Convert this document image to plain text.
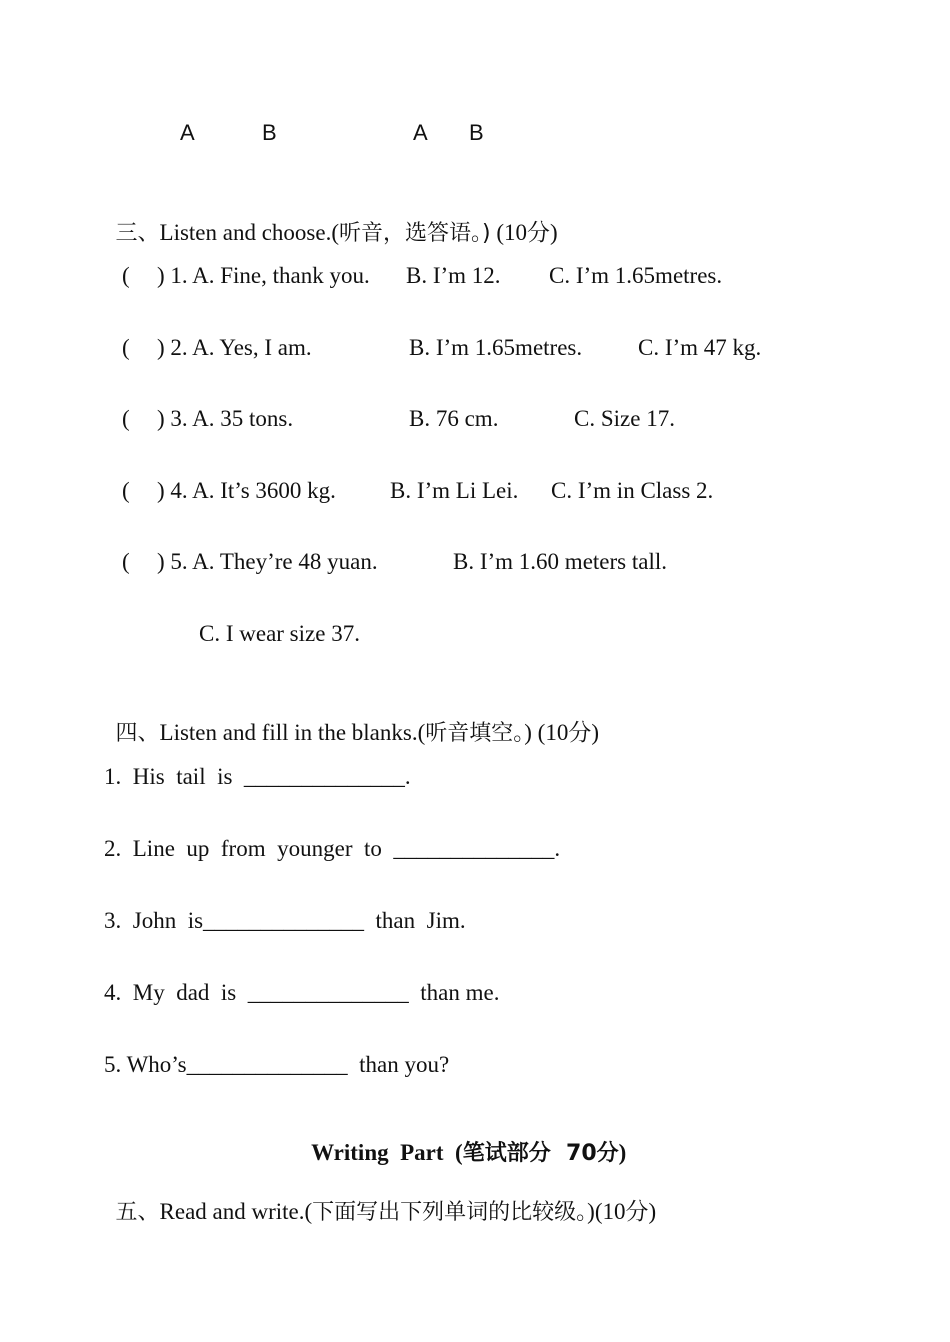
A	B	A B

三、Listen and choose.(听音，选答语。) (10分)

( ) 1. A. Fine, thank you. B. I’m 12. C. I’m 1.65metres.
( ) 2. A. Yes, I am.	B. I’m 1.65metres. C. I’m 47 kg.
( ) 3. A. 35 tons.	B. 76 cm.	C. Size 17.
( ) 4. A. It’s 3600 kg. B. I’m Li Lei. C. I’m in Class 2.
( ) 5. A. They’re 48 yuan.	B. I’m 1.60 meters tall.
C. I wear size 37.

四、Listen and fill in the blanks.(听音填空。) (10分)

1.  His  tail  is  ______________.
2.  Line  up  from  younger  to  ______________.
3.  John  is______________  than  Jim.
4.  My  dad  is  ______________  than me.
5. Who’s______________  than you?

Writing  Part  (笔试部分  70分)

五、Read and write.(下面写出下列单词的比较级。)(10分)
